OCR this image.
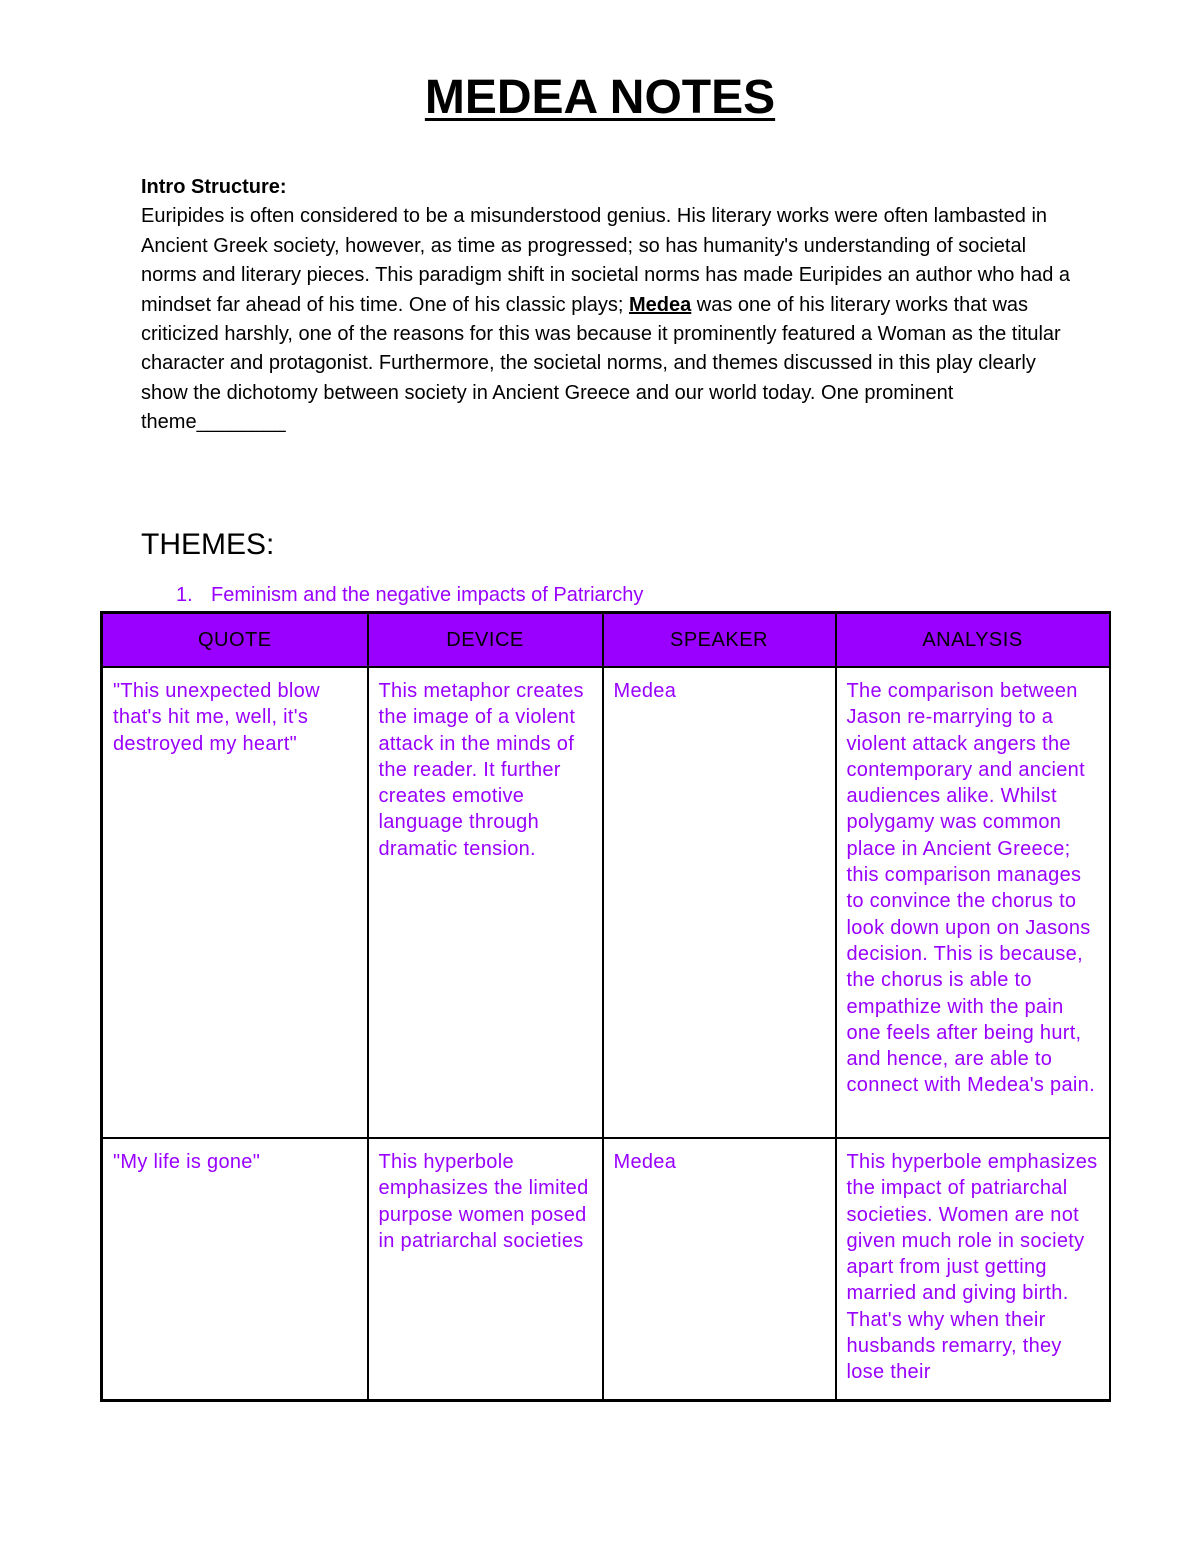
MEDEA NOTES
Intro Structure:
Euripides is often considered to be a misunderstood genius. His literary works were often lambasted in Ancient Greek society, however, as time as progressed; so has humanity's understanding of societal norms and literary pieces. This paradigm shift in societal norms has made Euripides an author who had a mindset far ahead of his time. One of his classic plays; Medea was one of his literary works that was criticized harshly, one of the reasons for this was because it prominently featured a Woman as the titular character and protagonist. Furthermore, the societal norms, and themes discussed in this play clearly show the dichotomy between society in Ancient Greece and our world today. One prominent theme________
THEMES:

1. Feminism and the negative impacts of Patriarchy

QUOTE	DEVICE	SPEAKER	ANALYSIS
"This unexpected blow that's hit me, well, it's destroyed my heart"	This metaphor creates the image of a violent attack in the minds of the reader. It further creates emotive language through dramatic tension.	Medea	The comparison between Jason re-marrying to a violent attack angers the contemporary and ancient audiences alike. Whilst polygamy was common place in Ancient Greece; this comparison manages to convince the chorus to look down upon on Jasons decision. This is because, the chorus is able to empathize with the pain one feels after being hurt, and hence, are able to connect with Medea's pain.
"My life is gone"	This hyperbole emphasizes the limited purpose women posed in patriarchal societies	Medea	This hyperbole emphasizes the impact of patriarchal societies. Women are not given much role in society apart from just getting married and giving birth. That's why when their husbands remarry, they lose their
